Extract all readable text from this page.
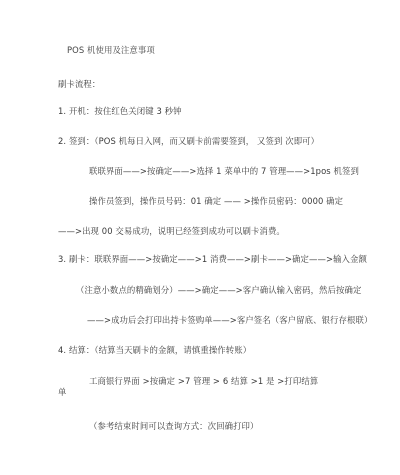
POS 机使用及注意事项
刷卡流程：
1. 开机：按住红色关闭键 3 秒钟
2. 签到：（POS 机每日入网，而又刷卡前需要签到， 又签到 次即可）
联联界面——>按确定——>选择 1 菜单中的 7 管理——>1pos 机签到
操作员签到，操作员号码：01 确定 —— >操作员密码：0000 确定
——>出现 00 交易成功，说明已经签到成功可以刷卡消费。
3. 刷卡：联联界面——>按确定——>1 消费——>刷卡——>确定——>输入金额
（注意小数点的精确划分）——>确定——>客户确认输入密码，然后按确定
——>成功后会打印出持卡签购单——>客户签名（客户留底、银行存根联）
4. 结算：（结算当天刷卡的金额，请慎重操作转账）
工商银行界面 >按确定 >7 管理 > 6 结算 >1 是 >打印结算
单
（参考结束时间可以查询方式：次回确打印）
